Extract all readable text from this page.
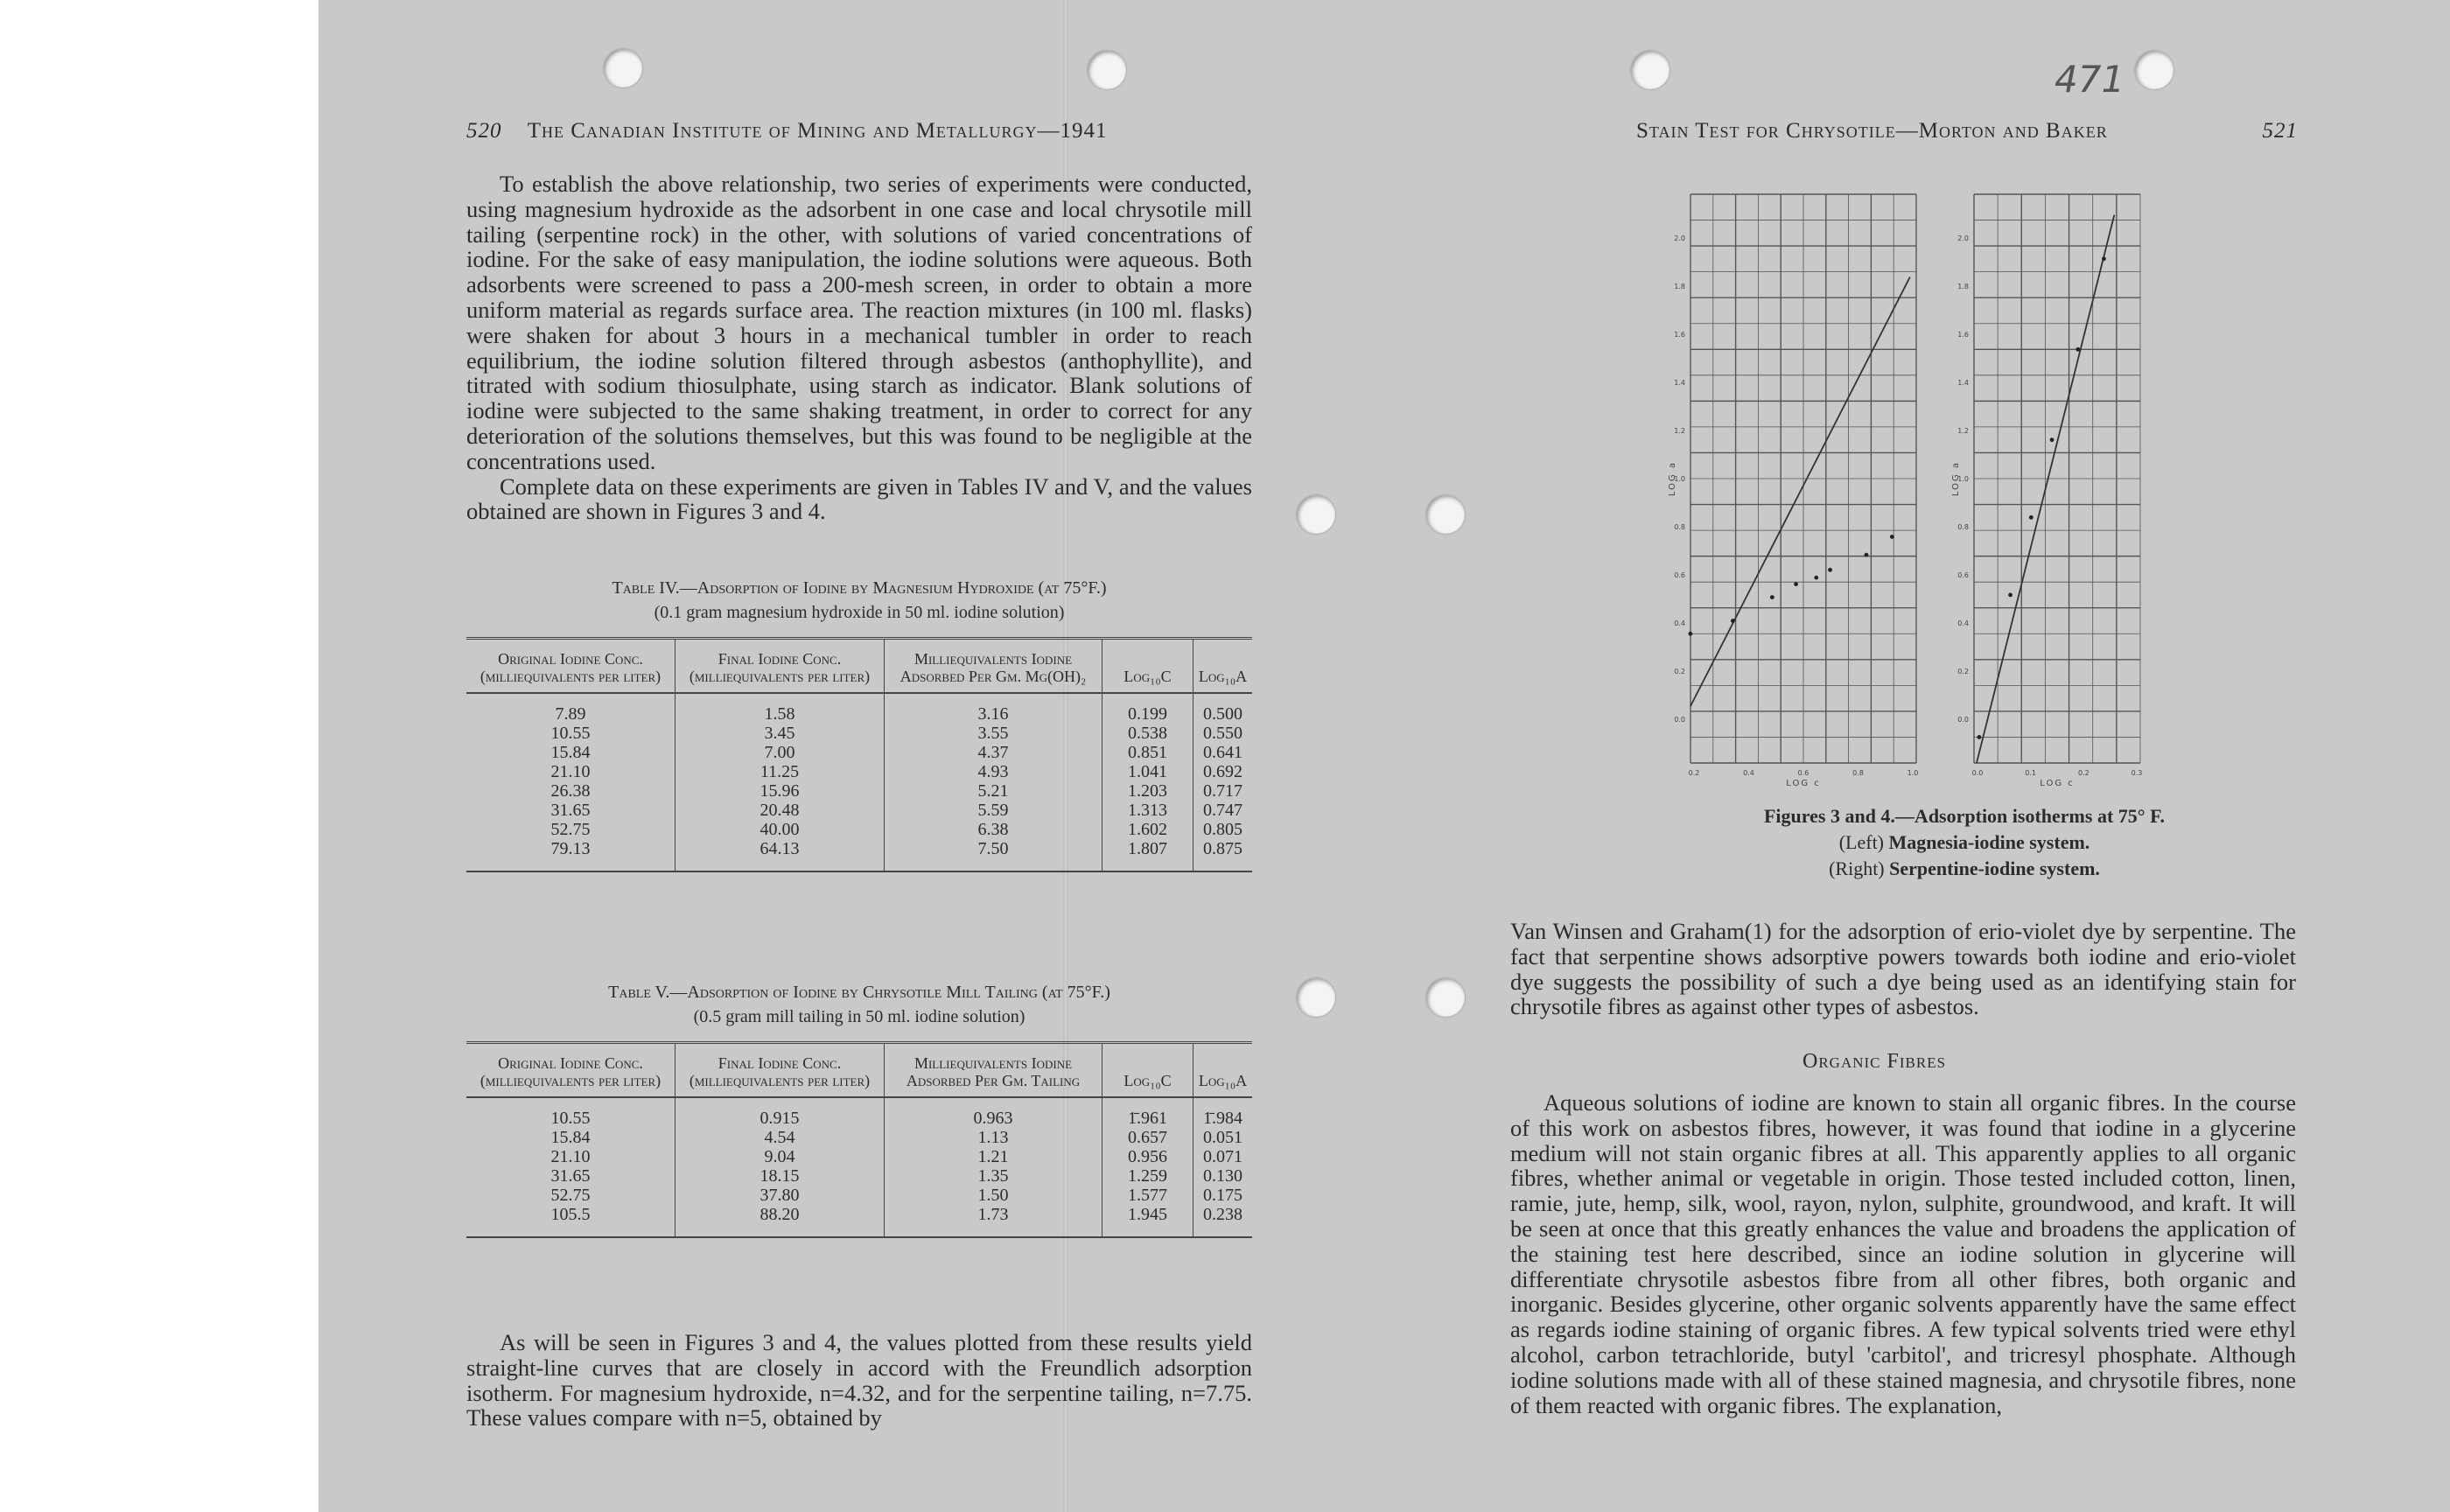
520 The Canadian Institute of Mining and Metallurgy—1941

To establish the above relationship, two series of experiments were conducted, using magnesium hydroxide as the adsorbent in one case and local chrysotile mill tailing (serpentine rock) in the other, with solutions of varied concentrations of iodine. For the sake of easy manipulation, the iodine solutions were aqueous. Both adsorbents were screened to pass a 200-mesh screen, in order to obtain a more uniform material as regards surface area. The reaction mixtures (in 100 ml. flasks) were shaken for about 3 hours in a mechanical tumbler in order to reach equilibrium, the iodine solution filtered through asbestos (anthophyllite), and titrated with sodium thiosulphate, using starch as indicator. Blank solutions of iodine were subjected to the same shaking treatment, in order to correct for any deterioration of the solutions themselves, but this was found to be negligible at the concentrations used.

Complete data on these experiments are given in Tables IV and V, and the values obtained are shown in Figures 3 and 4.

Table IV.—Adsorption of Iodine by Magnesium Hydroxide (at 75°F.)
(0.1 gram magnesium hydroxide in 50 ml. iodine solution)
Original Iodine Conc. (milliequivalents per liter)	Final Iodine Conc. (milliequivalents per liter)	Milliequivalents Iodine Adsorbed Per Gm. Mg(OH)₂	Log₁₀C	Log₁₀A
7.89	1.58	3.16	0.199	0.500
10.55	3.45	3.55	0.538	0.550
15.84	7.00	4.37	0.851	0.641
21.10	11.25	4.93	1.041	0.692
26.38	15.96	5.21	1.203	0.717
31.65	20.48	5.59	1.313	0.747
52.75	40.00	6.38	1.602	0.805
79.13	64.13	7.50	1.807	0.875
Table V.—Adsorption of Iodine by Chrysotile Mill Tailing (at 75°F.)
(0.5 gram mill tailing in 50 ml. iodine solution)
Original Iodine Conc. (milliequivalents per liter)	Final Iodine Conc. (milliequivalents per liter)	Milliequivalents Iodine Adsorbed Per Gm. Tailing	Log₁₀C	Log₁₀A
10.55	0.915	0.963	1̄.961	1̄.984
15.84	4.54	1.13	0.657	0.051
21.10	9.04	1.21	0.956	0.071
31.65	18.15	1.35	1.259	0.130
52.75	37.80	1.50	1.577	0.175
105.5	88.20	1.73	1.945	0.238

As will be seen in Figures 3 and 4, the values plotted from these results yield straight-line curves that are closely in accord with the Freundlich adsorption isotherm. For magnesium hydroxide, n=4.32, and for the serpentine tailing, n=7.75. These values compare with n=5, obtained by

Stain Test for Chrysotile—Morton and Baker	521
471
2.0
1.8
1.6
1.4
1.2
1.0
0.8
0.6
0.4
0.2
0.0
0.2	0.4	0.6	0.8	1.0
LOG c
LOG a
2.0
1.8
1.6
1.4
1.2
1.0
0.8
0.6
0.4
0.2
0.0
0.0	0.1	0.2	0.3
LOG c
LOG a
Figures 3 and 4.—Adsorption isotherms at 75° F.
(Left) Magnesia-iodine system.
(Right) Serpentine-iodine system.

Van Winsen and Graham(1) for the adsorption of erio-violet dye by serpentine. The fact that serpentine shows adsorptive powers towards both iodine and erio-violet dye suggests the possibility of such a dye being used as an identifying stain for chrysotile fibres as against other types of asbestos.

Organic Fibres

Aqueous solutions of iodine are known to stain all organic fibres. In the course of this work on asbestos fibres, however, it was found that iodine in a glycerine medium will not stain organic fibres at all. This apparently applies to all organic fibres, whether animal or vegetable in origin. Those tested included cotton, linen, ramie, jute, hemp, silk, wool, rayon, nylon, sulphite, groundwood, and kraft. It will be seen at once that this greatly enhances the value and broadens the application of the staining test here described, since an iodine solution in glycerine will differentiate chrysotile asbestos fibre from all other fibres, both organic and inorganic. Besides glycerine, other organic solvents apparently have the same effect as regards iodine staining of organic fibres. A few typical solvents tried were ethyl alcohol, carbon tetrachloride, butyl 'carbitol', and tricresyl phosphate. Although iodine solutions made with all of these stained magnesia, and chrysotile fibres, none of them reacted with organic fibres. The explanation,
